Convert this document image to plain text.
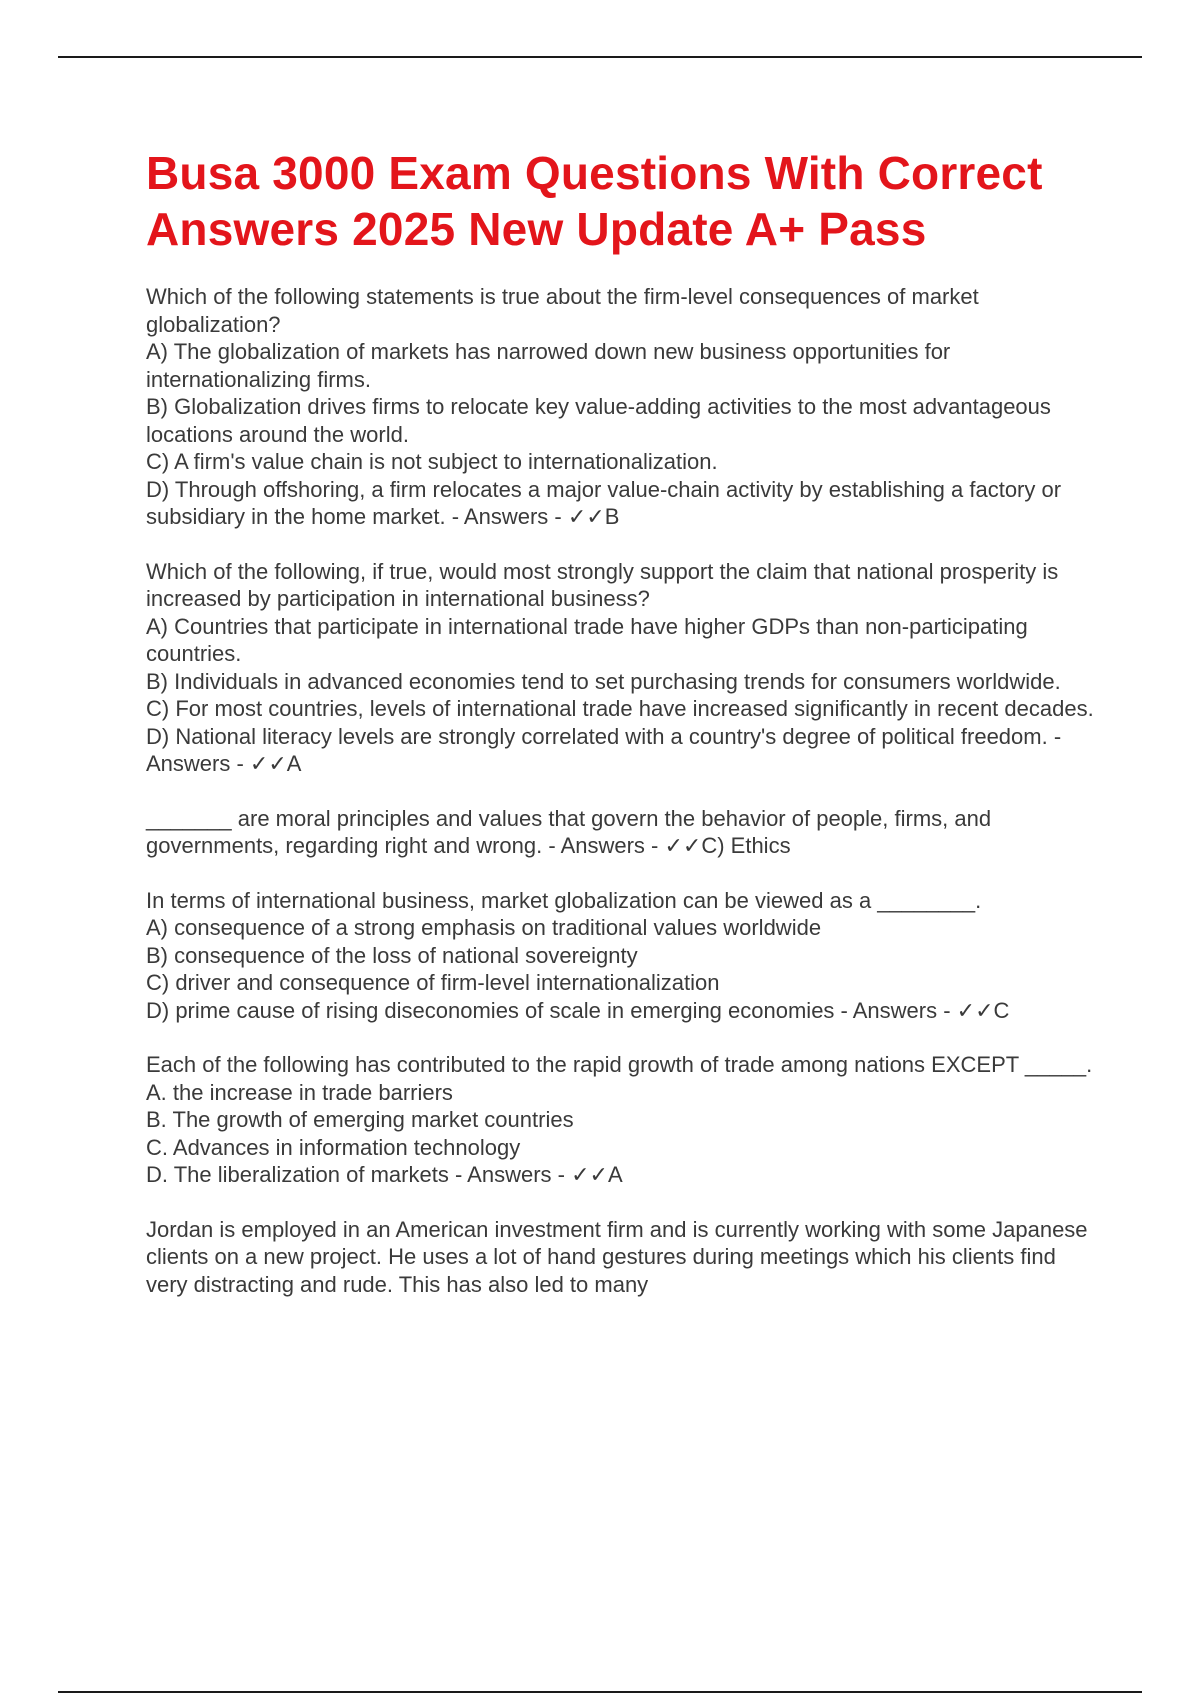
Busa 3000 Exam Questions With Correct Answers 2025 New Update A+ Pass
Which of the following statements is true about the firm-level consequences of market globalization?
A) The globalization of markets has narrowed down new business opportunities for internationalizing firms.
B) Globalization drives firms to relocate key value-adding activities to the most advantageous locations around the world.
C) A firm's value chain is not subject to internationalization.
D) Through offshoring, a firm relocates a major value-chain activity by establishing a factory or subsidiary in the home market. - Answers - ✓✓B
Which of the following, if true, would most strongly support the claim that national prosperity is increased by participation in international business?
A) Countries that participate in international trade have higher GDPs than non-participating countries.
B) Individuals in advanced economies tend to set purchasing trends for consumers worldwide.
C) For most countries, levels of international trade have increased significantly in recent decades.
D) National literacy levels are strongly correlated with a country's degree of political freedom. - Answers - ✓✓A
_______ are moral principles and values that govern the behavior of people, firms, and governments, regarding right and wrong. - Answers - ✓✓C) Ethics
In terms of international business, market globalization can be viewed as a ________.
A) consequence of a strong emphasis on traditional values worldwide
B) consequence of the loss of national sovereignty
C) driver and consequence of firm-level internationalization
D) prime cause of rising diseconomies of scale in emerging economies - Answers - ✓✓C
Each of the following has contributed to the rapid growth of trade among nations EXCEPT _____.
A. the increase in trade barriers
B. The growth of emerging market countries
C. Advances in information technology
D. The liberalization of markets - Answers - ✓✓A
Jordan is employed in an American investment firm and is currently working with some Japanese clients on a new project. He uses a lot of hand gestures during meetings which his clients find very distracting and rude. This has also led to many
